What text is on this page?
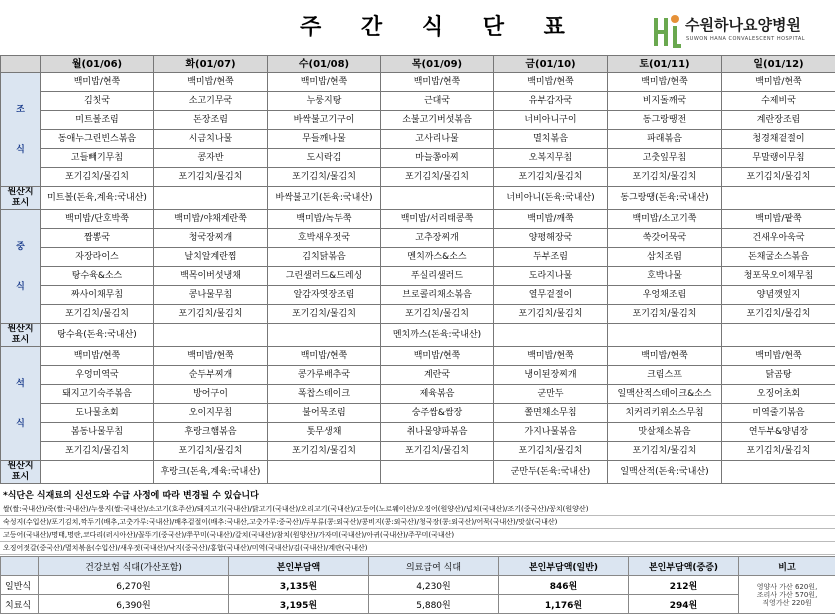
주 간 식 단 표	수원하나요양병원
SUWON HANA CONVALESCENT HOSPITAL
	월(01/06)	화(01/07)	수(01/08)	목(01/09)	금(01/10)	토(01/11)	일(01/12)
조

식	백미밥/현쭉	백미밥/현쭉	백미밥/현쭉	백미밥/현쭉	백미밥/현쭉	백미밥/현쭉	백미밥/현쭉
	김칫국	소고기무국	누룽지탕	근대국	유부감자국	비지돌깨국	수제비국
	미트볼조림	돈장조림	바싹불고기구이	소불고기버섯볶음	너비아니구이	동그랑땡전	계란장조림
	동애누그린빈스볶음	시금치나물	무들깨나물	고사리나물	멸치볶음	파래볶음	청경채겉절이
	고들빼기무침	콩자반	도시락김	마늘쫑아찌	오복지무침	고춧잎무침	무말랭이무침
	포기김치/물김치	포기김치/물김치	포기김치/물김치	포기김치/물김치	포기김치/물김치	포기김치/물김치	포기김치/물김치
원산지
표시	미트볼(돈육,계육:국내산)		바싹불고기(돈육:국내산)		너비아니(돈육:국내산)	동그랑땡(돈육:국내산)	
중

식	백미밥/단호박쭉	백미밥/야채계란쭉	백미밥/녹두쭉	백미밥/서리태콩쭉	백미밥/깨쭉	백미밥/소고기쭉	백미밥/팥쭉
	짬뽕국	청국장찌개	호박새우젓국	고추장찌개	양평해장국	쑥갓어묵국	건새우아욱국
	자장라이스	날치알계란찜	김치닭볶음	멘치까스&소스	두부조림	삼치조림	돈채굴소스볶음
	탕수육&소스	백목이버섯냉채	그린샐러드&드레싱	푸실리샐러드	도라지나물	호박나물	청포묵오이채무침
	짜사이채무침	콩나물무침	알감자엿장조림	브로콜리채소볶음	열무겉절이	우엉채조림	양념깻잎지
	포기김치/물김치	포기김치/물김치	포기김치/물김치	포기김치/물김치	포기김치/물김치	포기김치/물김치	포기김치/물김치
원산지
표시	탕수육(돈육:국내산)			멘치까스(돈육:국내산)			
석

식	백미밥/현쭉	백미밥/현쭉	백미밥/현쭉	백미밥/현쭉	백미밥/현쭉	백미밥/현쭉	백미밥/현쭉
	우엉미역국	순두부찌개	콩가루배추국	계란국	냉이된장찌개	크림스프	닭곰탕
	돼지고기숙주볶음	방어구이	폭찹스테이크	제육볶음	군만두	일맥산적스테이크&소스	오징어초회
	도나물초회	오이지무침	불어묵조림	숭주쌈&쌈장	쫄면채소무침	치커리키위소스무침	미역줄기볶음
	봄동나물무침	후랑크햄볶음	톳무생채	취나물양파볶음	가지나물볶음	맛살채소볶음	연두부&양념장
	포기김치/물김치	포기김치/물김치	포기김치/물김치	포기김치/물김치	포기김치/물김치	포기김치/물김치	포기김치/물김치
원산지
표시		후랑크(돈육,계육:국내산)			군만두(돈육:국내산)	일맥산적(돈육:국내산)	
*식단은 식재료의 신선도와 수급 사정에 따라 변경될 수 있습니다
쌀(쌀:국내산)/죽(쌀:국내산)/누룽지(쌀:국내산)/소고기(호주산)/돼지고기(국내산)/닭고기(국내산)/오리고기(국내산)/고등어(노르웨이산)/오징어(원양산)/넙치(국내산)/조기(중국산)/꽁치(원양산)
숙성지(수입산)/포기김치,깍두기(배추,고춧가루:국내산)/배추겉절이(배추:국내산,고춧가루:중국산)/두부류(콩:외국산)/콩비지(콩:외국산)/청국장(콩:외국산)/어묵(국내산)/맛살(국내산)
고등어(국내산)/명태,명란,코다리(러시아산)/꼴뚜기(중국산)/쭈꾸미(국내산)/갈치(국내산)/참치(원양산)/가자미(국내산)/아귀(국내산)/주꾸미(국내산)
오징어젓갈(중국산)/멸치볶음(수입산)/새우젓(국내산)/낙지(중국산)/홍합(국내산)/미역(국내산)/김(국내산)/계란(국내산)
	건강보험 식대(가산포함)	본인부담액	의료급여 식대	본인부담액(일반)	본인부담액(중증)	비고
일반식	6,270원	3,135원	4,230원	846원	212원	영양사 가산 620원,
조리사 가산 570원,
직영가산 220원

치료식	6,390원	3,195원	5,880원	1,176원	294원	
